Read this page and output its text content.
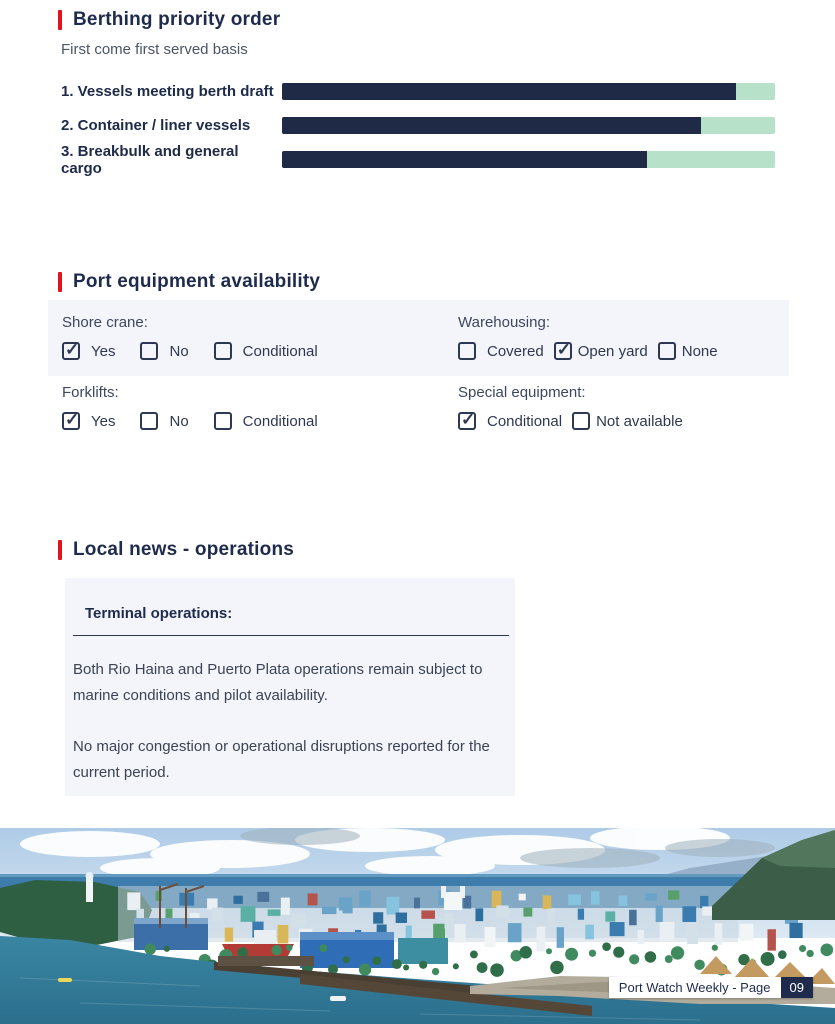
Berthing priority order

First come first served basis

1. Vessels meeting berth draft
2. Container / liner vessels
3. Breakbulk and general cargo
Port equipment availability
Shore crane:
✓
Yes	No	Conditional
Warehousing:
Covered ✓ Open yard None
Forklifts:
✓
Yes	No	Conditional
Special equipment:
✓
Conditional Not available
Local news - operations
Terminal operations:

Both Rio Haina and Puerto Plata operations remain subject to marine conditions and pilot availability.

No major congestion or operational disruptions reported for the current period.

Port Watch Weekly - Page	09
